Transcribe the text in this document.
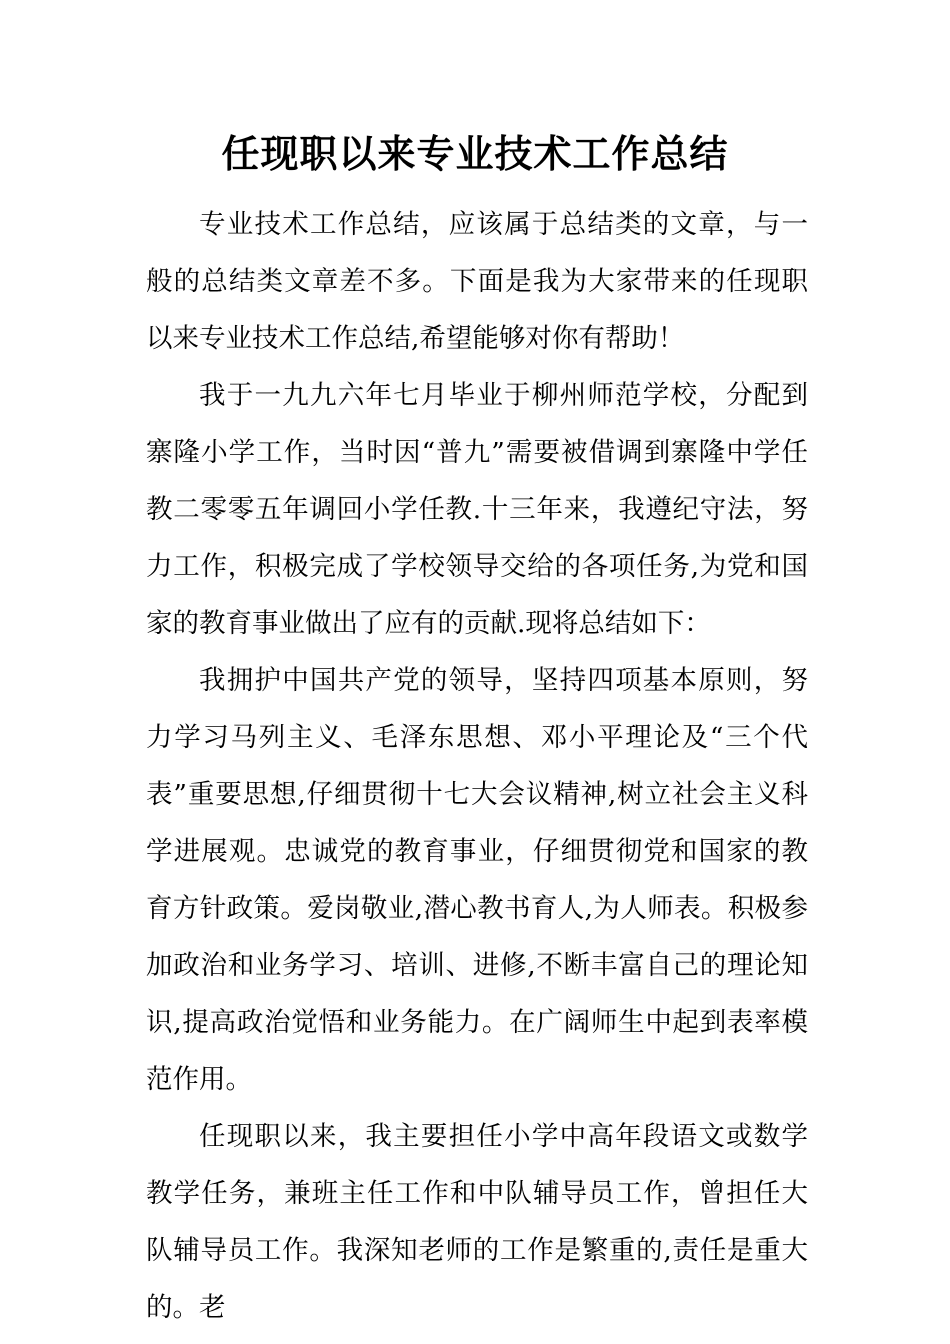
任现职以来专业技术工作总结

专业技术工作总结，应该属于总结类的文章，与一般的总结类文章差不多。下面是我为大家带来的任现职以来专业技术工作总结,希望能够对你有帮助！

我于一九九六年七月毕业于柳州师范学校，分配到寨隆小学工作，当时因“普九”需要被借调到寨隆中学任教二零零五年调回小学任教.十三年来，我遵纪守法，努力工作，积极完成了学校领导交给的各项任务,为党和国家的教育事业做出了应有的贡献.现将总结如下：

我拥护中国共产党的领导，坚持四项基本原则，努力学习马列主义、毛泽东思想、邓小平理论及“三个代表”重要思想,仔细贯彻十七大会议精神,树立社会主义科学进展观。忠诚党的教育事业，仔细贯彻党和国家的教育方针政策。爱岗敬业,潜心教书育人,为人师表。积极参加政治和业务学习、培训、进修,不断丰富自己的理论知识,提高政治觉悟和业务能力。在广阔师生中起到表率模范作用。

任现职以来，我主要担任小学中高年段语文或数学教学任务，兼班主任工作和中队辅导员工作，曾担任大队辅导员工作。我深知老师的工作是繁重的,责任是重大的。老
